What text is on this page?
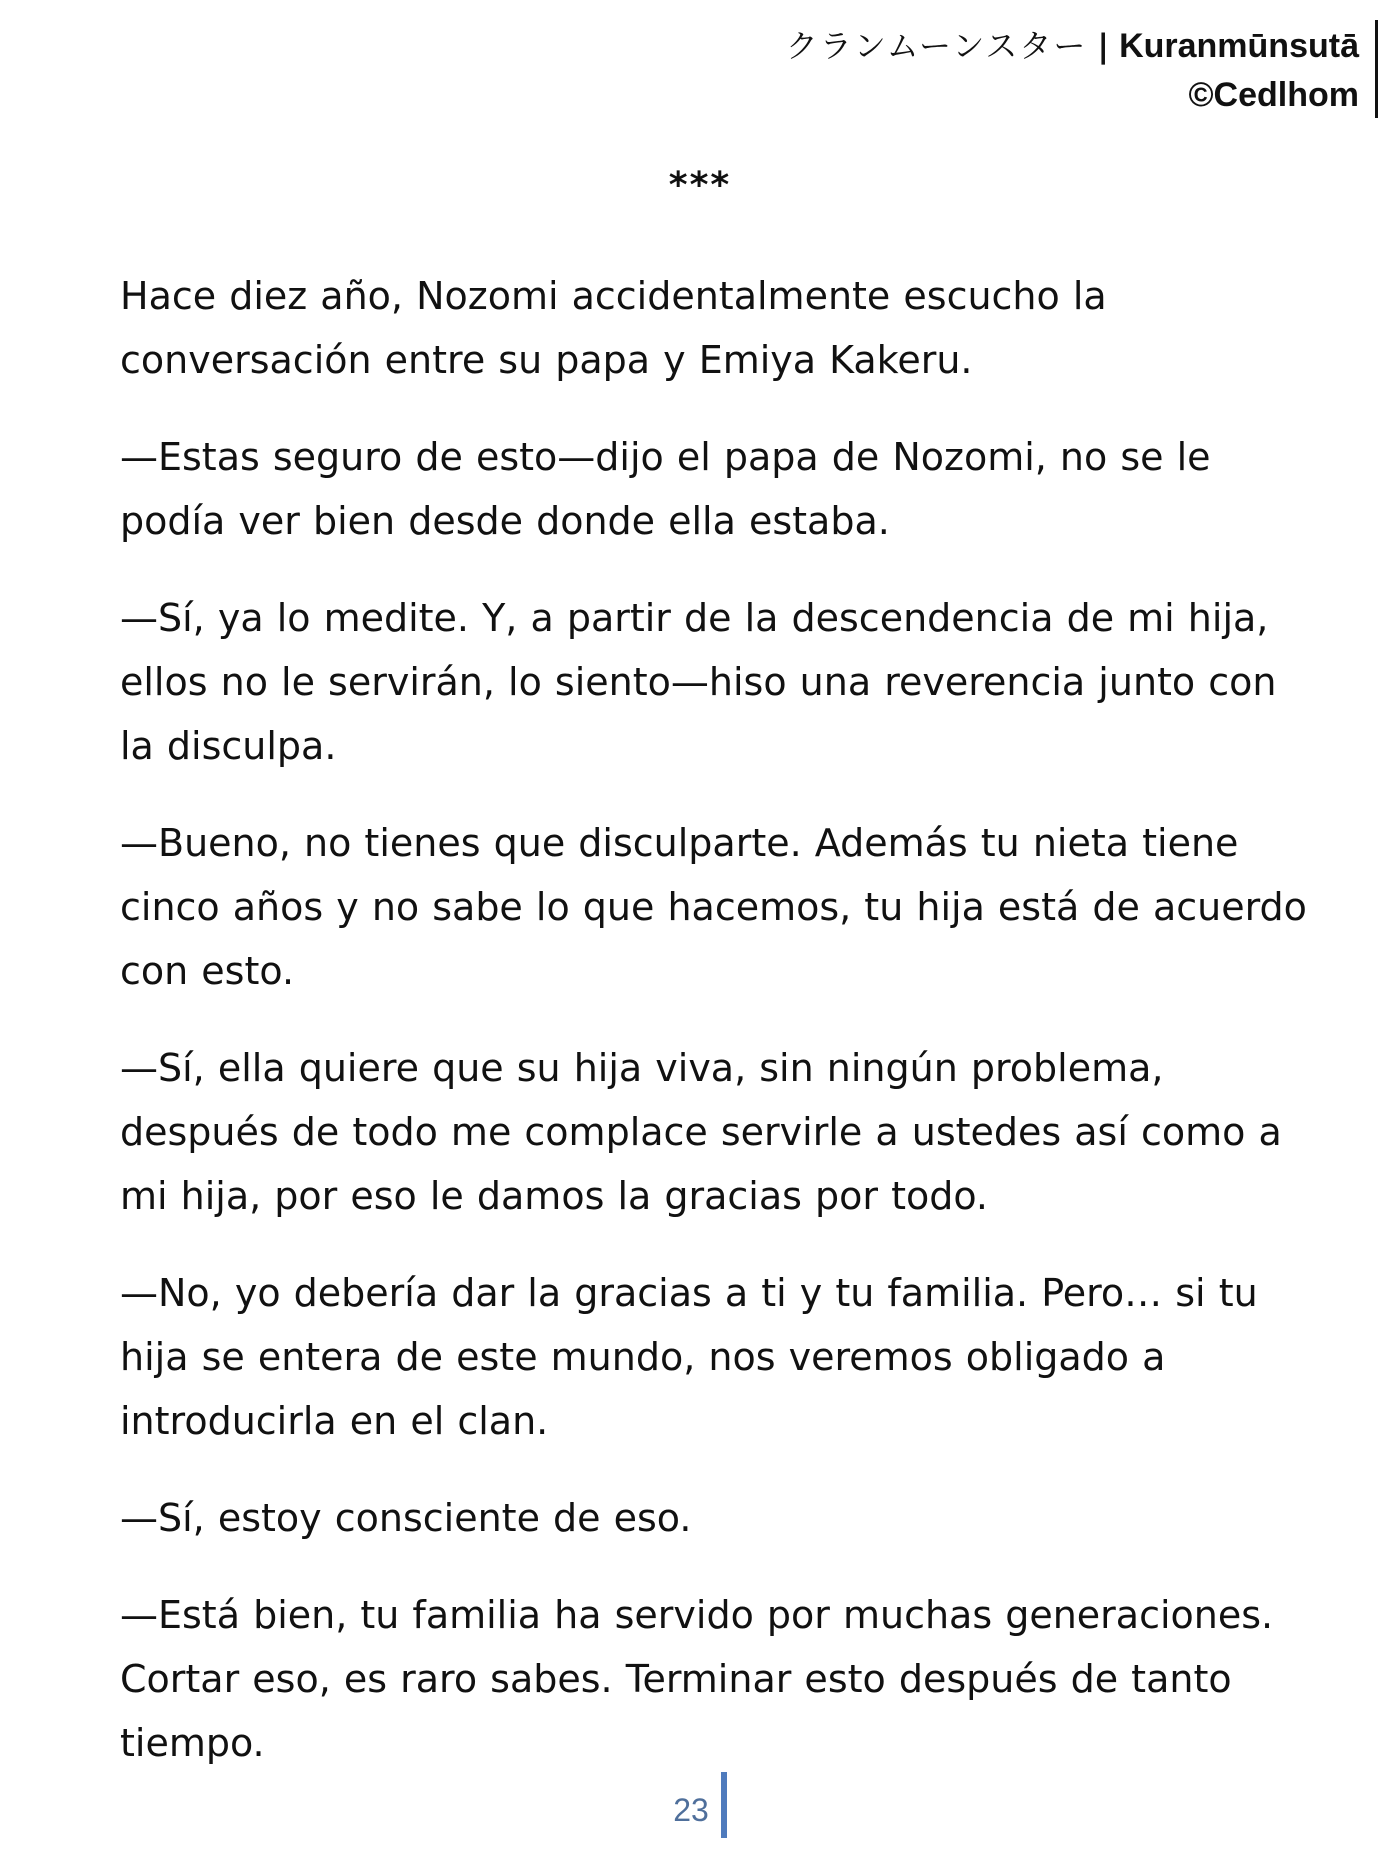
クランムーンスター | Kuranmūnsutā
©Cedlhom
***

Hace diez año, Nozomi accidentalmente escucho la conversación entre su papa y Emiya Kakeru.

—Estas seguro de esto—dijo el papa de Nozomi, no se le podía ver bien desde donde ella estaba.

—Sí, ya lo medite. Y, a partir de la descendencia de mi hija, ellos no le servirán, lo siento—hiso una reverencia junto con la disculpa.

—Bueno, no tienes que disculparte. Además tu nieta tiene cinco años y no sabe lo que hacemos, tu hija está de acuerdo con esto.

—Sí, ella quiere que su hija viva, sin ningún problema, después de todo me complace servirle a ustedes así como a mi hija, por eso le damos la gracias por todo.

—No, yo debería dar la gracias a ti y tu familia. Pero… si tu hija se entera de este mundo, nos veremos obligado a introducirla en el clan.

—Sí, estoy consciente de eso.

—Está bien, tu familia ha servido por muchas generaciones. Cortar eso, es raro sabes. Terminar esto después de tanto tiempo.

23
